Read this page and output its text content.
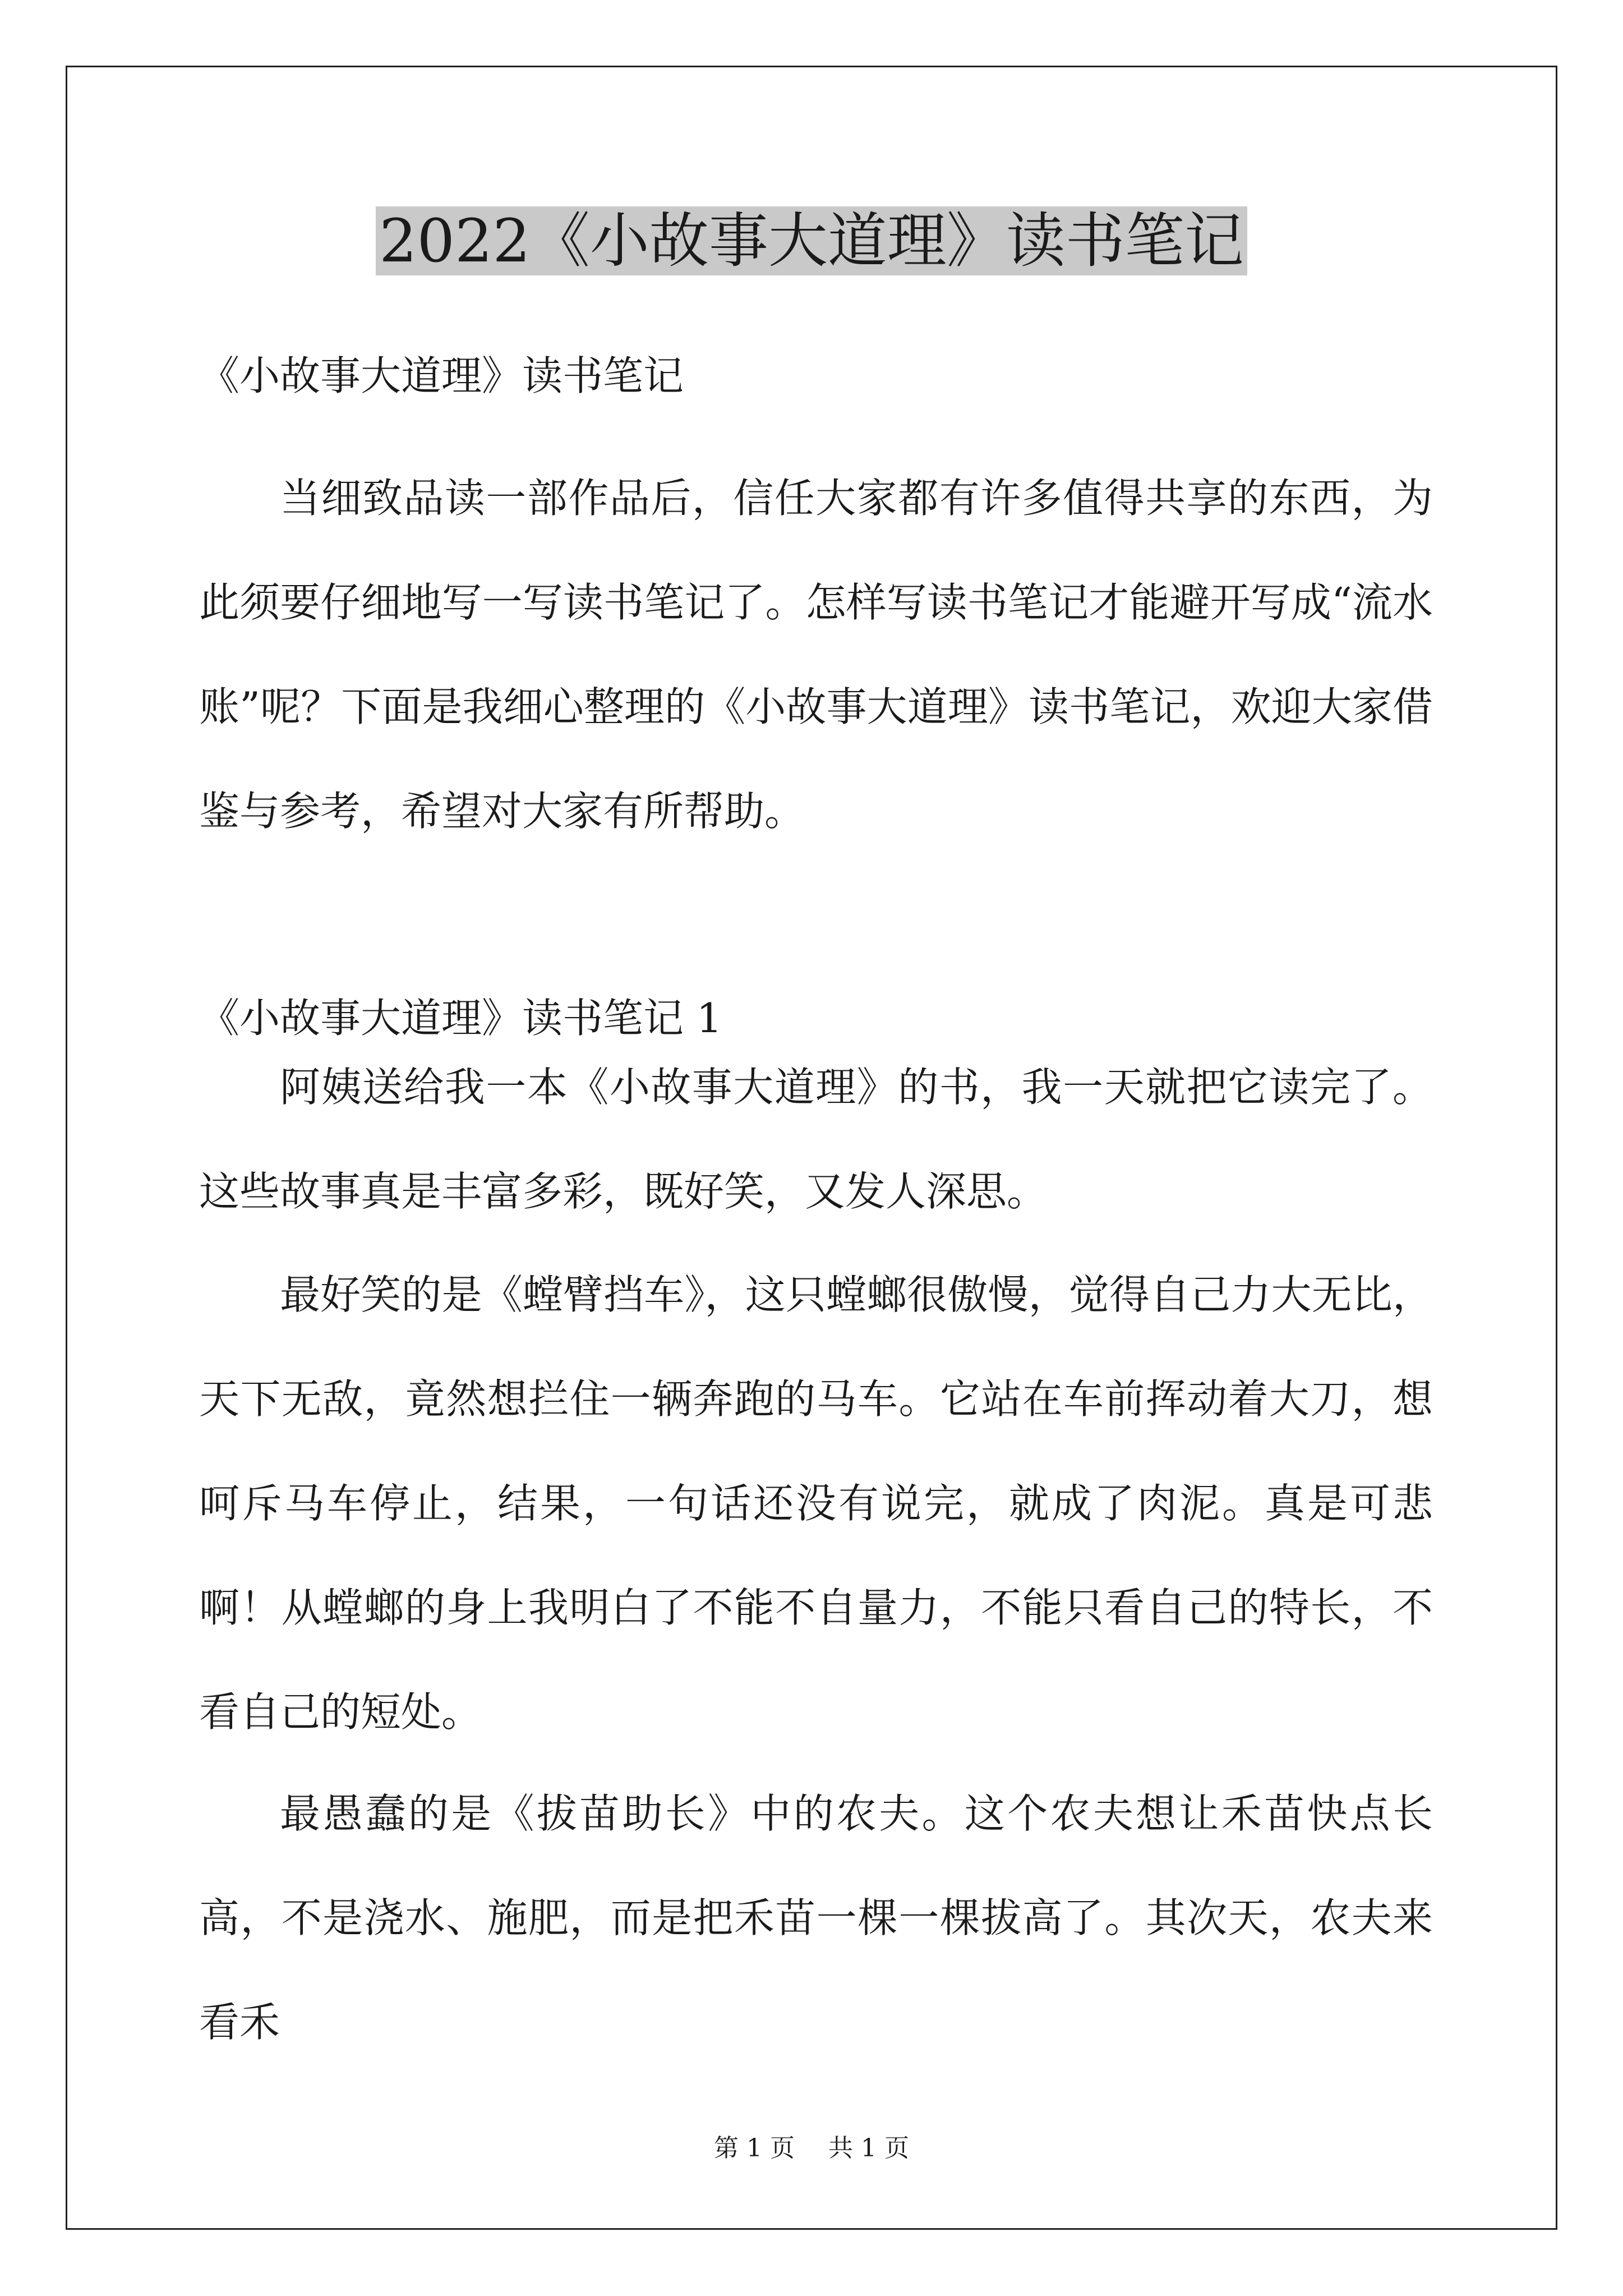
2022《小故事大道理》读书笔记
《小故事大道理》读书笔记

当细致品读一部作品后，信任大家都有许多值得共享的东西，为此须要仔细地写一写读书笔记了。怎样写读书笔记才能避开写成“流水账”呢？下面是我细心整理的《小故事大道理》读书笔记，欢迎大家借鉴与参考，希望对大家有所帮助。

《小故事大道理》读书笔记 1

阿姨送给我一本《小故事大道理》的书，我一天就把它读完了。这些故事真是丰富多彩，既好笑，又发人深思。

最好笑的是《螳臂挡车》，这只螳螂很傲慢，觉得自己力大无比，天下无敌，竟然想拦住一辆奔跑的马车。它站在车前挥动着大刀，想呵斥马车停止，结果，一句话还没有说完，就成了肉泥。真是可悲啊！从螳螂的身上我明白了不能不自量力，不能只看自己的特长，不看自己的短处。

最愚蠢的是《拔苗助长》中的农夫。这个农夫想让禾苗快点长高，不是浇水、施肥，而是把禾苗一棵一棵拔高了。其次天，农夫来看禾

第 1 页 共 1 页
